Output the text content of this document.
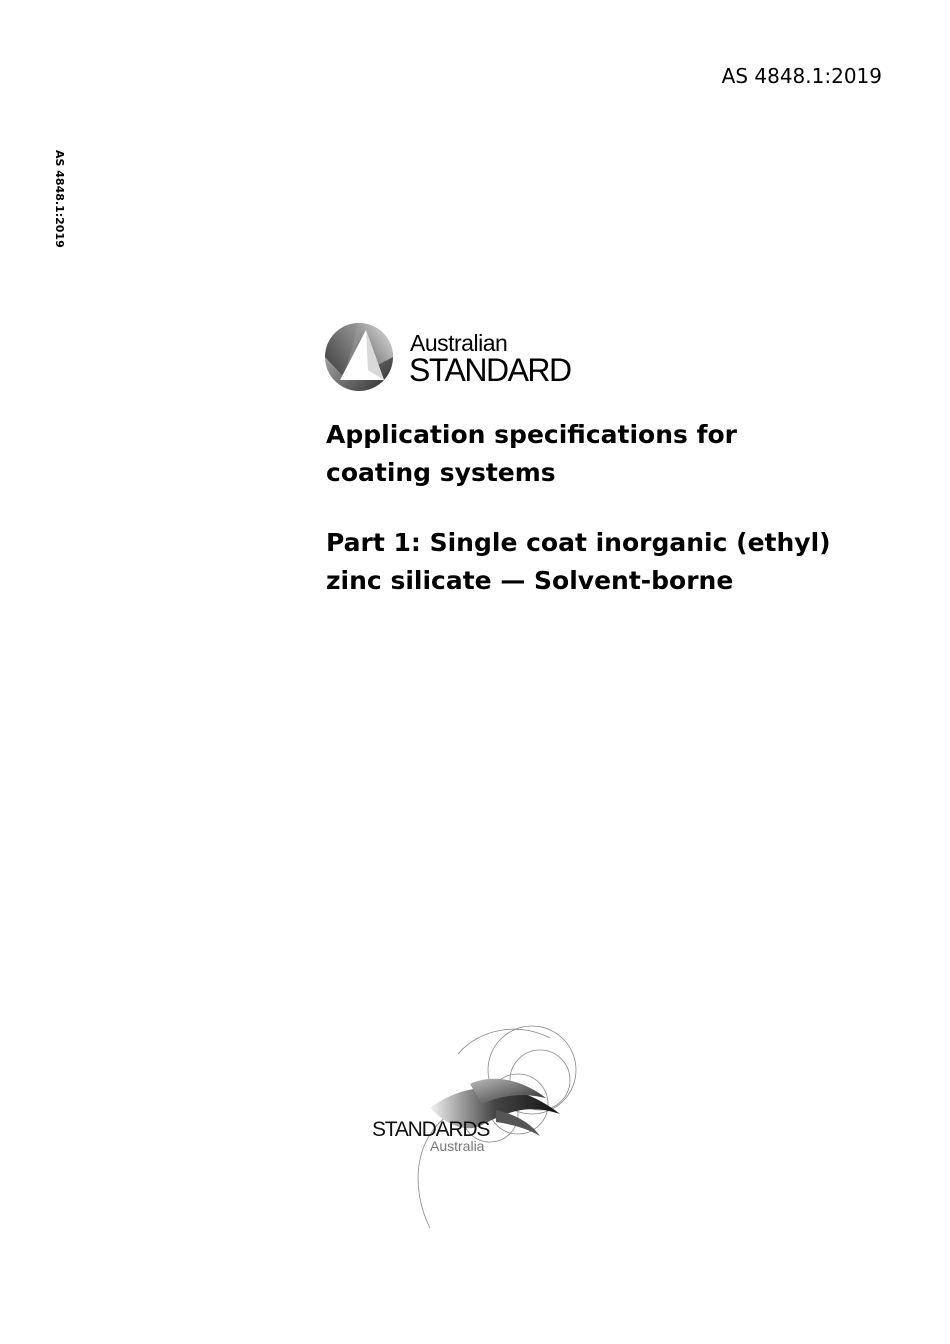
AS 4848.1:2019
AS 4848.1:2019
Australian
STANDARD
Application specifications for coating systems
Part 1: Single coat inorganic (ethyl) zinc silicate — Solvent-borne
STANDARDS
Australia
